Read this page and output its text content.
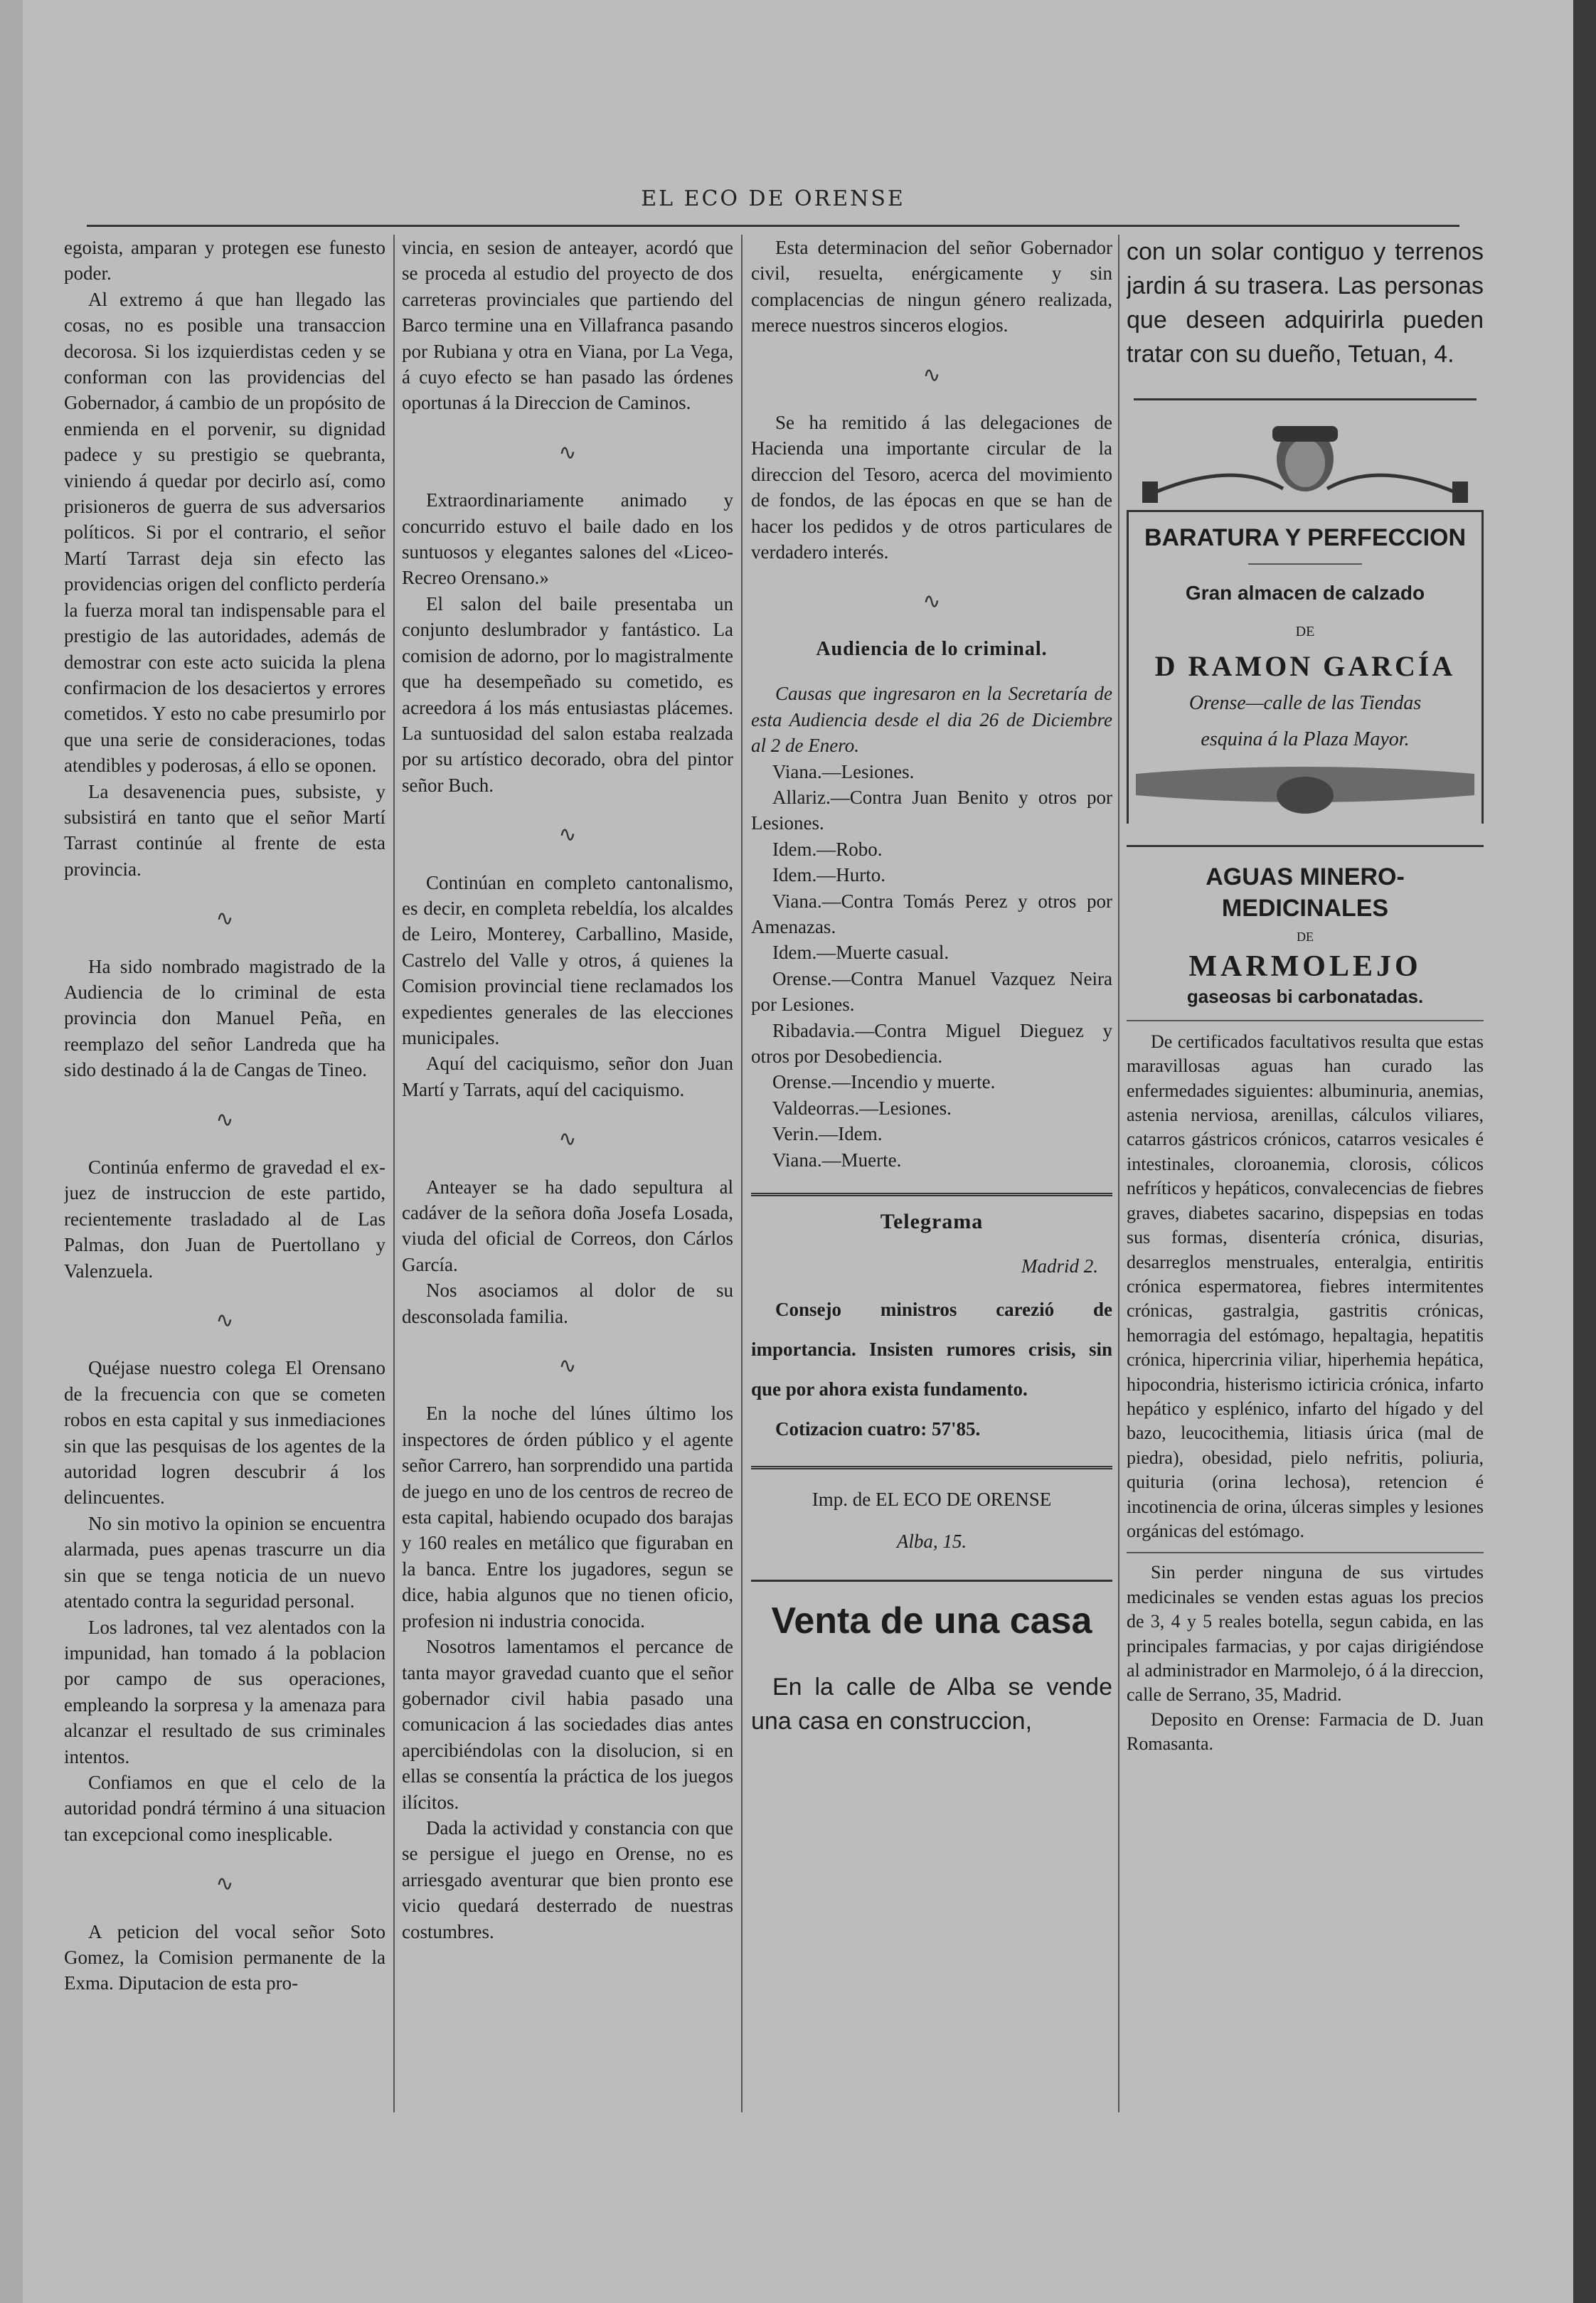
EL ECO DE ORENSE

egoista, amparan y protegen ese funesto poder.

Al extremo á que han llegado las cosas, no es posible una transaccion decorosa. Si los izquierdistas ceden y se conforman con las providencias del Gobernador, á cambio de un propósito de enmienda en el porvenir, su dignidad padece y su prestigio se quebranta, viniendo á quedar por decirlo así, como prisioneros de guerra de sus adversarios políticos. Si por el contrario, el señor Martí Tarrast deja sin efecto las providencias origen del conflicto perdería la fuerza moral tan indispensable para el prestigio de las autoridades, además de demostrar con este acto suicida la plena confirmacion de los desaciertos y errores cometidos. Y esto no cabe presumirlo por que una serie de consideraciones, todas atendibles y poderosas, á ello se oponen.

La desavenencia pues, subsiste, y subsistirá en tanto que el señor Martí Tarrast continúe al frente de esta provincia.

∿

Ha sido nombrado magistrado de la Audiencia de lo criminal de esta provincia don Manuel Peña, en reemplazo del señor Landreda que ha sido destinado á la de Cangas de Tineo.

∿

Continúa enfermo de gravedad el ex-juez de instruccion de este partido, recientemente trasladado al de Las Palmas, don Juan de Puertollano y Valenzuela.

∿

Quéjase nuestro colega El Orensano de la frecuencia con que se cometen robos en esta capital y sus inmediaciones sin que las pesquisas de los agentes de la autoridad logren descubrir á los delincuentes.

No sin motivo la opinion se encuentra alarmada, pues apenas trascurre un dia sin que se tenga noticia de un nuevo atentado contra la seguridad personal.

Los ladrones, tal vez alentados con la impunidad, han tomado á la poblacion por campo de sus operaciones, empleando la sorpresa y la amenaza para alcanzar el resultado de sus criminales intentos.

Confiamos en que el celo de la autoridad pondrá término á una situacion tan excepcional como inesplicable.

∿

A peticion del vocal señor Soto Gomez, la Comision permanente de la Exma. Diputacion de esta pro-

vincia, en sesion de anteayer, acordó que se proceda al estudio del proyecto de dos carreteras provinciales que partiendo del Barco termine una en Villafranca pasando por Rubiana y otra en Viana, por La Vega, á cuyo efecto se han pasado las órdenes oportunas á la Direccion de Caminos.

∿

Extraordinariamente animado y concurrido estuvo el baile dado en los suntuosos y elegantes salones del «Liceo-Recreo Orensano.»

El salon del baile presentaba un conjunto deslumbrador y fantástico. La comision de adorno, por lo magistralmente que ha desempeñado su cometido, es acreedora á los más entusiastas plácemes. La suntuosidad del salon estaba realzada por su artístico decorado, obra del pintor señor Buch.

∿

Continúan en completo cantonalismo, es decir, en completa rebeldía, los alcaldes de Leiro, Monterey, Carballino, Maside, Castrelo del Valle y otros, á quienes la Comision provincial tiene reclamados los expedientes generales de las elecciones municipales.

Aquí del caciquismo, señor don Juan Martí y Tarrats, aquí del caciquismo.

∿

Anteayer se ha dado sepultura al cadáver de la señora doña Josefa Losada, viuda del oficial de Correos, don Cárlos García.

Nos asociamos al dolor de su desconsolada familia.

∿

En la noche del lúnes último los inspectores de órden público y el agente señor Carrero, han sorprendido una partida de juego en uno de los centros de recreo de esta capital, habiendo ocupado dos barajas y 160 reales en metálico que figuraban en la banca. Entre los jugadores, segun se dice, habia algunos que no tienen oficio, profesion ni industria conocida.

Nosotros lamentamos el percance de tanta mayor gravedad cuanto que el señor gobernador civil habia pasado una comunicacion á las sociedades dias antes apercibiéndolas con la disolucion, si en ellas se consentía la práctica de los juegos ilícitos.

Dada la actividad y constancia con que se persigue el juego en Orense, no es arriesgado aventurar que bien pronto ese vicio quedará desterrado de nuestras costumbres.

Esta determinacion del señor Gobernador civil, resuelta, enérgicamente y sin complacencias de ningun género realizada, merece nuestros sinceros elogios.

∿

Se ha remitido á las delegaciones de Hacienda una importante circular de la direccion del Tesoro, acerca del movimiento de fondos, de las épocas en que se han de hacer los pedidos y de otros particulares de verdadero interés.

∿
Audiencia de lo criminal.

Causas que ingresaron en la Secretaría de esta Audiencia desde el dia 26 de Diciembre al 2 de Enero.

Viana.—Lesiones.

Allariz.—Contra Juan Benito y otros por Lesiones.

Idem.—Robo.

Idem.—Hurto.

Viana.—Contra Tomás Perez y otros por Amenazas.

Idem.—Muerte casual.

Orense.—Contra Manuel Vazquez Neira por Lesiones.

Ribadavia.—Contra Miguel Dieguez y otros por Desobediencia.

Orense.—Incendio y muerte.

Valdeorras.—Lesiones.

Verin.—Idem.

Viana.—Muerte.

Telegrama
Madrid 2.

Consejo ministros carezió de importancia. Insisten rumores crisis, sin que por ahora exista fundamento.

Cotizacion cuatro: 57'85.

Imp. de EL ECO DE ORENSE
Alba, 15.
Venta de una casa

En la calle de Alba se vende una casa en construccion,

con un solar contiguo y terrenos jardin á su trasera. Las personas que deseen adquirirla pueden tratar con su dueño, Tetuan, 4.

BARATURA Y PERFECCION
Gran almacen de calzado
DE
D RAMON GARCÍA
Orense—calle de las Tiendas
esquina á la Plaza Mayor.
AGUAS MINERO-MEDICINALES
DE
MARMOLEJO
gaseosas bi carbonatadas.

De certificados facultativos resulta que estas maravillosas aguas han curado las enfermedades siguientes: albuminuria, anemias, astenia nerviosa, arenillas, cálculos viliares, catarros gástricos crónicos, catarros vesicales é intestinales, cloroanemia, clorosis, cólicos nefríticos y hepáticos, convalecencias de fiebres graves, diabetes sacarino, dispepsias en todas sus formas, disentería crónica, disurias, desarreglos menstruales, enteralgia, entiritis crónica espermatorea, fiebres intermitentes crónicas, gastralgia, gastritis crónicas, hemorragia del estómago, hepaltagia, hepatitis crónica, hipercrinia viliar, hiperhemia hepática, hipocondria, histerismo ictiricia crónica, infarto hepático y esplénico, infarto del hígado y del bazo, leucocithemia, litiasis úrica (mal de piedra), obesidad, pielo nefritis, poliuria, quituria (orina lechosa), retencion é incotinencia de orina, úlceras simples y lesiones orgánicas del estómago.

Sin perder ninguna de sus virtudes medicinales se venden estas aguas los precios de 3, 4 y 5 reales botella, segun cabida, en las principales farmacias, y por cajas dirigiéndose al administrador en Marmolejo, ó á la direccion, calle de Serrano, 35, Madrid.

Deposito en Orense: Farmacia de D. Juan Romasanta.
